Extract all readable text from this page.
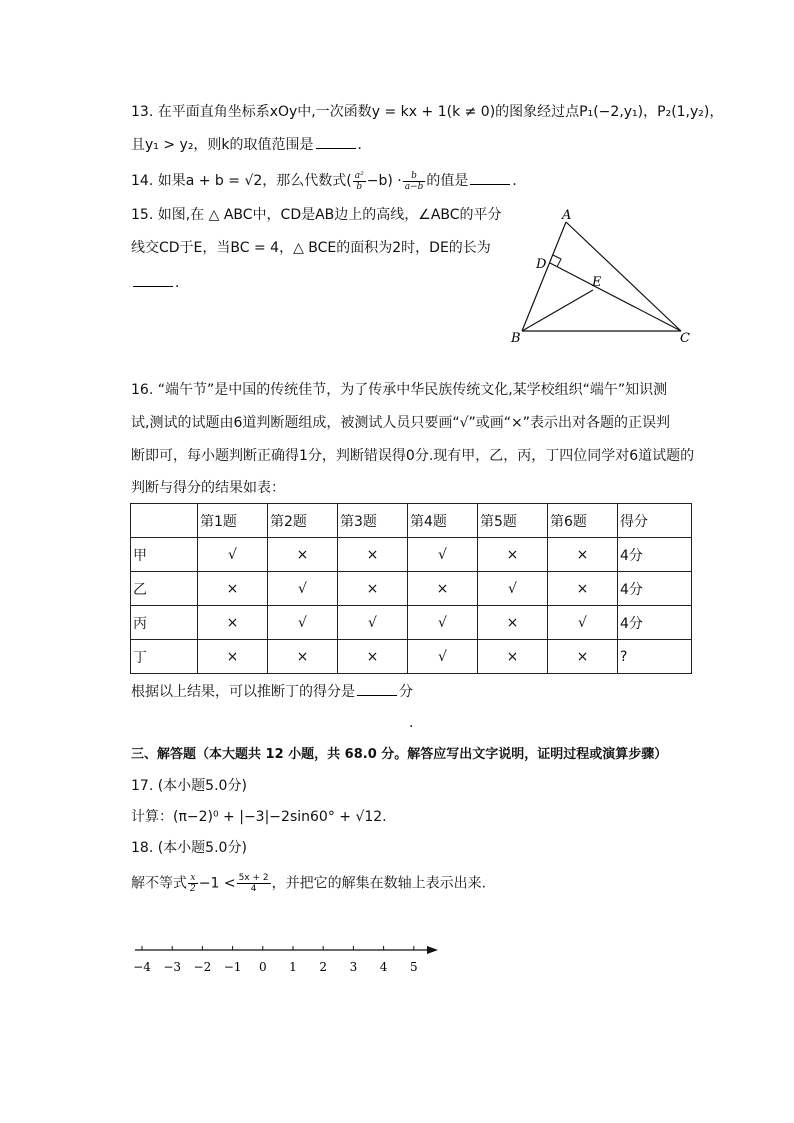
13. 在平面直角坐标系xOy中,一次函数y = kx + 1(k ≠ 0)的图象经过点P₁(−2,y₁)，P₂(1,y₂)，
且y₁ > y₂，则k的取值范围是	．
14. 如果a + b = √2，那么代数式( $\frac{\text{a²}}{b} -b) \cdot \frac{b}{a-b}$ 的值是	．
15. 如图,在 △ ABC中，CD是AB边上的高线，∠ABC的平分
线交CD于E，当BC = 4，△ BCE的面积为2时，DE的长为
．
A
B	C
D
E
16. “端午节”是中国的传统佳节，为了传承中华民族传统文化,某学校组织“端午”知识测
试,测试的试题由6道判断题组成，被测试人员只要画“√”或画“×”表示出对各题的正误判
断即可，每小题判断正确得1分，判断错误得0分.现有甲，乙，丙，丁四位同学对6道试题的
判断与得分的结果如表：
	第1题	第2题	第3题	第4题	第5题	第6题	得分
甲	√	×	×	√	×	×	4分
乙	×	√	×	×	√	×	4分
丙	×	√	√	√	×	√	4分
丁	×	×	×	√	×	×	?
根据以上结果，可以推断丁的得分是	分
.
三、解答题（本大题共 12 小题，共 68.0 分。解答应写出文字说明，证明过程或演算步骤）
17. (本小题5.0分)
计算：(π−2)⁰ + |−3|−2sin60° + √12.
18. (本小题5.0分)
解不等式 $\frac{x}{2} -1 < \frac{5x + 2}{4}$ ，并把它的解集在数轴上表示出来.
−4 −3 −2 −1 0 1 2 3 4 5
